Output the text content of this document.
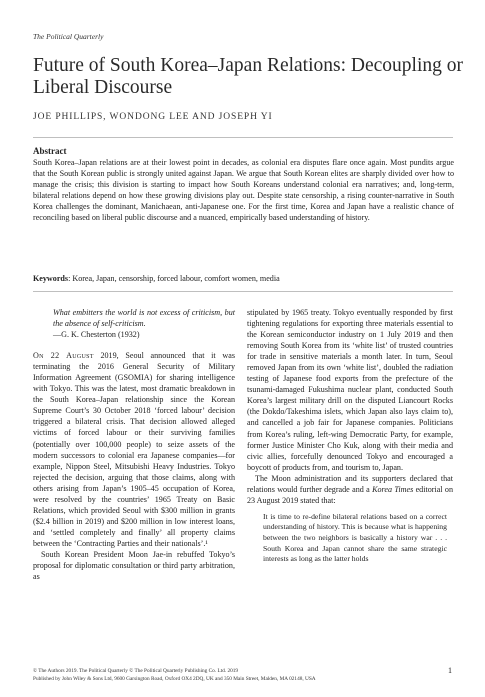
The Political Quarterly
Future of South Korea–Japan Relations: Decoupling or Liberal Discourse
JOE PHILLIPS, WONDONG LEE AND JOSEPH YI
Abstract
South Korea–Japan relations are at their lowest point in decades, as colonial era disputes flare once again. Most pundits argue that the South Korean public is strongly united against Japan. We argue that South Korean elites are sharply divided over how to manage the crisis; this division is starting to impact how South Koreans understand colonial era narratives; and, long-term, bilateral relations depend on how these growing divisions play out. Despite state censorship, a rising counter-narrative in South Korea challenges the dominant, Manichaean, anti-Japanese one. For the first time, Korea and Japan have a realistic chance of reconciling based on liberal public discourse and a nuanced, empirically based understanding of history.
Keywords: Korea, Japan, censorship, forced labour, comfort women, media
What embitters the world is not excess of criticism, but the absence of self-criticism.
—G. K. Chesterton (1932)

On 22 August 2019, Seoul announced that it was terminating the 2016 General Security of Military Information Agreement (GSOMIA) for sharing intelligence with Tokyo. This was the latest, most dramatic breakdown in the South Korea–Japan relationship since the Korean Supreme Court’s 30 October 2018 ‘forced labour’ decision triggered a bilateral crisis. That decision allowed alleged victims of forced labour or their surviving families (potentially over 100,000 people) to seize assets of the modern successors to colonial era Japanese companies—for example, Nippon Steel, Mitsubishi Heavy Industries. Tokyo rejected the decision, arguing that those claims, along with others arising from Japan’s 1905–45 occupation of Korea, were resolved by the countries’ 1965 Treaty on Basic Relations, which provided Seoul with $300 million in grants ($2.4 billion in 2019) and $200 million in low interest loans, and ‘settled completely and finally’ all property claims between the ‘Contracting Parties and their nationals’.¹

South Korean President Moon Jae-in rebuffed Tokyo’s proposal for diplomatic consultation or third party arbitration, as

stipulated by 1965 treaty. Tokyo eventually responded by first tightening regulations for exporting three materials essential to the Korean semiconductor industry on 1 July 2019 and then removing South Korea from its ‘white list’ of trusted countries for trade in sensitive materials a month later. In turn, Seoul removed Japan from its own ‘white list’, doubled the radiation testing of Japanese food exports from the prefecture of the tsunami-damaged Fukushima nuclear plant, conducted South Korea’s largest military drill on the disputed Liancourt Rocks (the Dokdo/Takeshima islets, which Japan also lays claim to), and cancelled a job fair for Japanese companies. Politicians from Korea’s ruling, left-wing Democratic Party, for example, former Justice Minister Cho Kuk, along with their media and civic allies, forcefully denounced Tokyo and encouraged a boycott of products from, and tourism to, Japan.

The Moon administration and its supporters declared that relations would further degrade and a Korea Times editorial on 23 August 2019 stated that:

It is time to re-define bilateral relations based on a correct understanding of history. This is because what is happening between the two neighbors is basically a history war . . . South Korea and Japan cannot share the same strategic interests as long as the latter holds
© The Authors 2019. The Political Quarterly © The Political Quarterly Publishing Co. Ltd. 2019
Published by John Wiley & Sons Ltd, 9600 Garsington Road, Oxford OX4 2DQ, UK and 350 Main Street, Malden, MA 02148, USA
1
